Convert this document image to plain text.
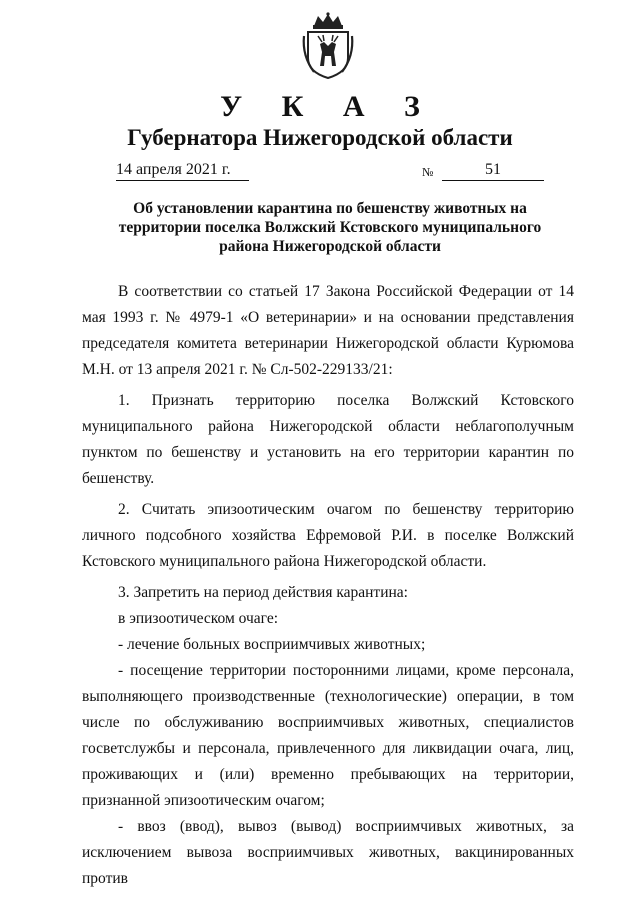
У К А З
Губернатора Нижегородской области
14 апреля 2021 г.	№	51
Об установлении карантина по бешенству животных на территории поселка Волжский Кстовского муниципального района Нижегородской области

В соответствии со статьей 17 Закона Российской Федерации от 14 мая 1993 г. № 4979-1 «О ветеринарии» и на основании представления председателя комитета ветеринарии Нижегородской области Курюмова М.Н. от 13 апреля 2021 г. № Сл-502-229133/21:

1. Признать территорию поселка Волжский Кстовского муниципального района Нижегородской области неблагополучным пунктом по бешенству и установить на его территории карантин по бешенству.

2. Считать эпизоотическим очагом по бешенству территорию личного подсобного хозяйства Ефремовой Р.И. в поселке Волжский Кстовского муниципального района Нижегородской области.

3. Запретить на период действия карантина:

в эпизоотическом очаге:

- лечение больных восприимчивых животных;

- посещение территории посторонними лицами, кроме персонала, выполняющего производственные (технологические) операции, в том числе по обслуживанию восприимчивых животных, специалистов госветслужбы и персонала, привлеченного для ликвидации очага, лиц, проживающих и (или) временно пребывающих на территории, признанной эпизоотическим очагом;

- ввоз (ввод), вывоз (вывод) восприимчивых животных, за исключением вывоза восприимчивых животных, вакцинированных против
